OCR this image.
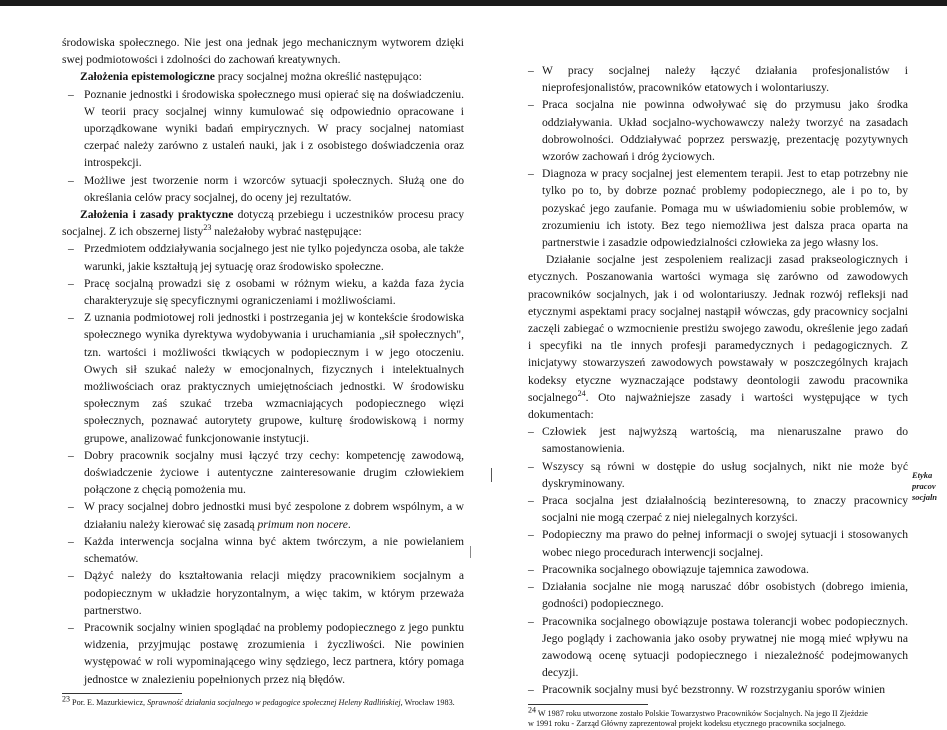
środowiska społecznego. Nie jest ona jednak jego mechanicznym wytworem dzięki swej podmiotowości i zdolności do zachowań kreatywnych.

Założenia epistemologiczne pracy socjalnej można określić następująco:

– Poznanie jednostki i środowiska społecznego musi opierać się na doświadczeniu. W teorii pracy socjalnej winny kumulować się odpowiednio opracowane i uporządkowane wyniki badań empirycznych. W pracy socjalnej natomiast czerpać należy zarówno z ustaleń nauki, jak i z osobistego doświadczenia oraz introspekcji.
– Możliwe jest tworzenie norm i wzorców sytuacji społecznych. Służą one do określania celów pracy socjalnej, do oceny jej rezultatów.

Założenia i zasady praktyczne dotyczą przebiegu i uczestników procesu pracy socjalnej. Z ich obszernej listy$^{23}$ należałoby wybrać następujące:

– Przedmiotem oddziaływania socjalnego jest nie tylko pojedyncza osoba, ale także warunki, jakie kształtują jej sytuację oraz środowisko społeczne.
– Pracę socjalną prowadzi się z osobami w różnym wieku, a każda faza życia charakteryzuje się specyficznymi ograniczeniami i możliwościami.
– Z uznania podmiotowej roli jednostki i postrzegania jej w kontekście środowiska społecznego wynika dyrektywa wydobywania i uruchamiania „sił społecznych", tzn. wartości i możliwości tkwiących w podopiecznym i w jego otoczeniu. Owych sił szukać należy w emocjonalnych, fizycznych i intelektualnych możliwościach oraz praktycznych umiejętnościach jednostki. W środowisku społecznym zaś szukać trzeba wzmacniających podopiecznego więzi społecznych, poznawać autorytety grupowe, kulturę środowiskową i normy grupowe, analizować funkcjonowanie instytucji.
– Dobry pracownik socjalny musi łączyć trzy cechy: kompetencję zawodową, doświadczenie życiowe i autentyczne zainteresowanie drugim człowiekiem połączone z chęcią pomożenia mu.
– W pracy socjalnej dobro jednostki musi być zespolone z dobrem wspólnym, a w działaniu należy kierować się zasadą primum non nocere.
– Każda interwencja socjalna winna być aktem twórczym, a nie powielaniem schematów.
– Dążyć należy do kształtowania relacji między pracownikiem socjalnym a podopiecznym w układzie horyzontalnym, a więc takim, w którym przeważa partnerstwo.
– Pracownik socjalny winien spoglądać na problemy podopiecznego z jego punktu widzenia, przyjmując postawę zrozumienia i życzliwości. Nie powinien występować w roli wypominającego winy sędziego, lecz partnera, który pomaga jednostce w znalezieniu popełnionych przez nią błędów.

$^{23}$ Por. E. Mazurkiewicz, Sprawność działania socjalnego w pedagogice społecznej Heleny Radlińskiej, Wrocław 1983.

– W pracy socjalnej należy łączyć działania profesjonalistów i nieprofesjonalistów, pracowników etatowych i wolontariuszy.
– Praca socjalna nie powinna odwoływać się do przymusu jako środka oddziaływania. Układ socjalno-wychowawczy należy tworzyć na zasadach dobrowolności. Oddziaływać poprzez perswazję, prezentację pozytywnych wzorów zachowań i dróg życiowych.
– Diagnoza w pracy socjalnej jest elementem terapii. Jest to etap potrzebny nie tylko po to, by dobrze poznać problemy podopiecznego, ale i po to, by pozyskać jego zaufanie. Pomaga mu w uświadomieniu sobie problemów, w zrozumieniu ich istoty. Bez tego niemożliwa jest dalsza praca oparta na partnerstwie i zasadzie odpowiedzialności człowieka za jego własny los.

Działanie socjalne jest zespoleniem realizacji zasad prakseologicznych i etycznych. Poszanowania wartości wymaga się zarówno od zawodowych pracowników socjalnych, jak i od wolontariuszy. Jednak rozwój refleksji nad etycznymi aspektami pracy socjalnej nastąpił wówczas, gdy pracownicy socjalni zaczęli zabiegać o wzmocnienie prestiżu swojego zawodu, określenie jego zadań i specyfiki na tle innych profesji paramedycznych i pedagogicznych. Z inicjatywy stowarzyszeń zawodowych powstawały w poszczególnych krajach kodeksy etyczne wyznaczające podstawy deontologii zawodu pracownika socjalnego$^{24}$. Oto najważniejsze zasady i wartości występujące w tych dokumentach:

– Człowiek jest najwyższą wartością, ma nienaruszalne prawo do samostanowienia.
– Wszyscy są równi w dostępie do usług socjalnych, nikt nie może być dyskryminowany.
– Praca socjalna jest działalnością bezinteresowną, to znaczy pracownicy socjalni nie mogą czerpać z niej nielegalnych korzyści.
– Podopieczny ma prawo do pełnej informacji o swojej sytuacji i stosowanych wobec niego procedurach interwencji socjalnej.
– Pracownika socjalnego obowiązuje tajemnica zawodowa.
– Działania socjalne nie mogą naruszać dóbr osobistych (dobrego imienia, godności) podopiecznego.
– Pracownika socjalnego obowiązuje postawa tolerancji wobec podopiecznych. Jego poglądy i zachowania jako osoby prywatnej nie mogą mieć wpływu na zawodową ocenę sytuacji podopiecznego i niezależność podejmowanych decyzji.
– Pracownik socjalny musi być bezstronny. W rozstrzyganiu sporów winien

$^{24}$ W 1987 roku utworzone zostało Polskie Towarzystwo Pracowników Socjalnych. Na jego II Zjeździe
w 1991 roku - Zarząd Główny zaprezentował projekt kodeksu etycznego pracownika socjalnego.

Etyka
pracov
socjaln
